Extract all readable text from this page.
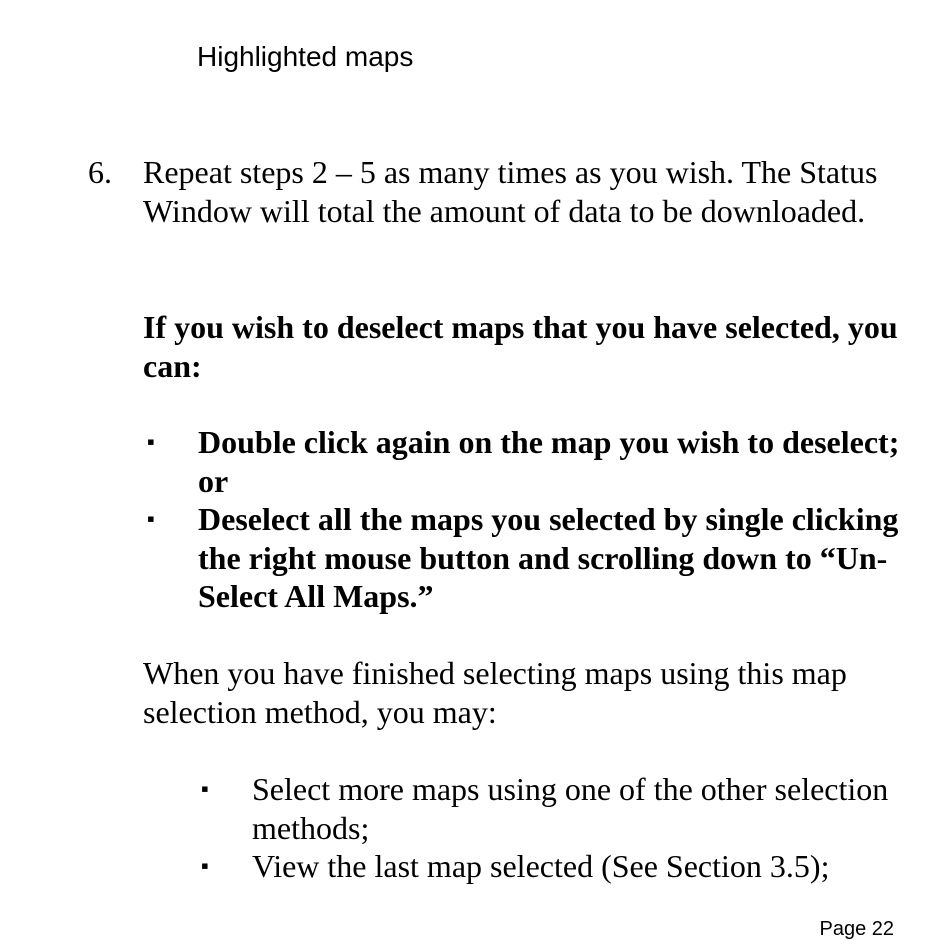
Highlighted maps
6. Repeat steps 2 – 5 as many times as you wish. The Status Window will total the amount of data to be downloaded.
If you wish to deselect maps that you have selected, you can:
▪ Double click again on the map you wish to deselect; or
▪ Deselect all the maps you selected by single clicking the right mouse button and scrolling down to “Un-Select All Maps.”
When you have finished selecting maps using this map selection method, you may:
▪ Select more maps using one of the other selection methods;
▪ View the last map selected (See Section 3.5);
Page 22
